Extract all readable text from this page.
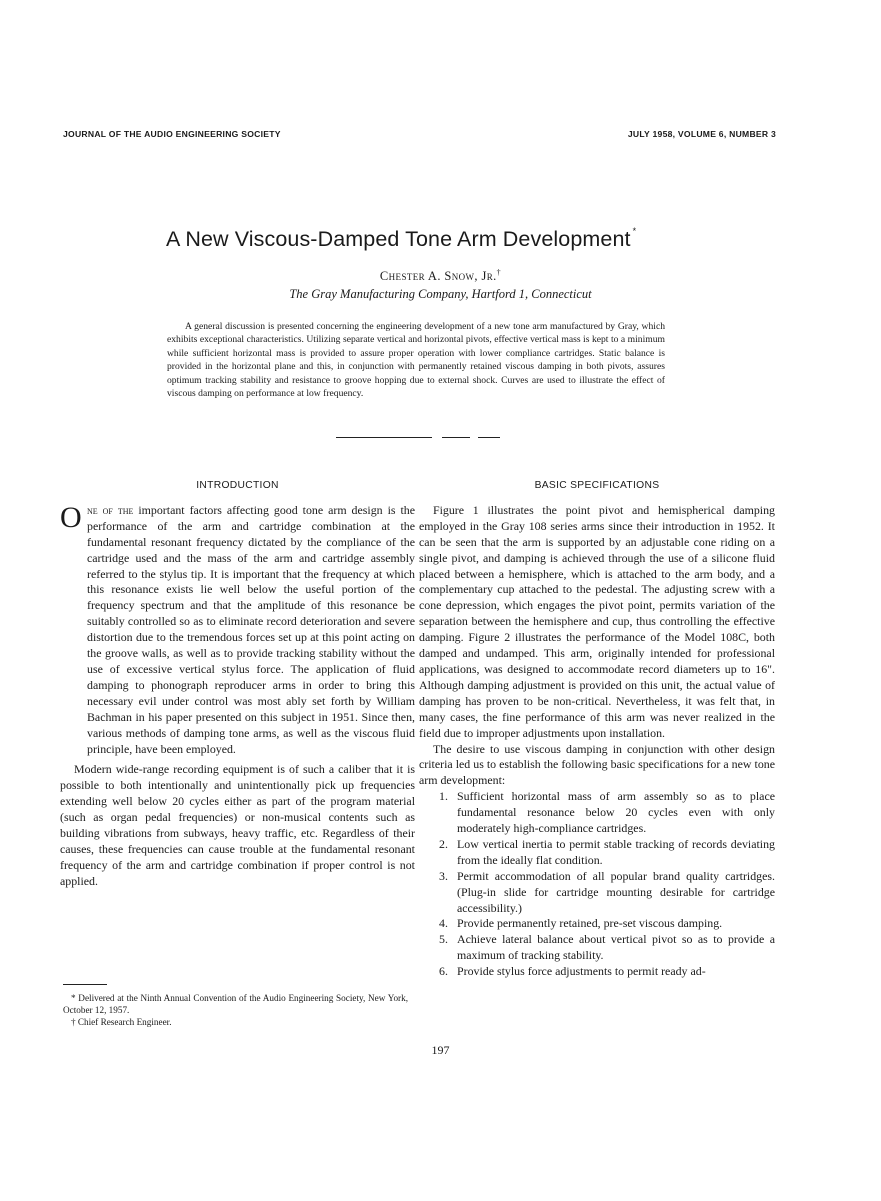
JOURNAL OF THE AUDIO ENGINEERING SOCIETY	JULY 1958, VOLUME 6, NUMBER 3
A New Viscous-Damped Tone Arm Development *
Chester A. Snow, Jr.†
The Gray Manufacturing Company, Hartford 1, Connecticut

A general discussion is presented concerning the engineering development of a new tone arm manufactured by Gray, which exhibits exceptional characteristics. Utilizing separate vertical and horizontal pivots, effective vertical mass is kept to a minimum while sufficient horizontal mass is provided to assure proper operation with lower compliance cartridges. Static balance is provided in the horizontal plane and this, in conjunction with permanently retained viscous damping in both pivots, assures optimum tracking stability and resistance to groove hopping due to external shock. Curves are used to illustrate the effect of viscous damping on performance at low frequency.

INTRODUCTION

O ne of the important factors affecting good tone arm design is the performance of the arm and cartridge combination at the fundamental resonant frequency dictated by the compliance of the cartridge used and the mass of the arm and cartridge assembly referred to the stylus tip. It is important that the frequency at which this resonance exists lie well below the useful portion of the frequency spectrum and that the amplitude of this resonance be suitably controlled so as to eliminate record deterioration and severe distortion due to the tremendous forces set up at this point acting on the groove walls, as well as to provide tracking stability without the use of excessive vertical stylus force. The application of fluid damping to phonograph reproducer arms in order to bring this necessary evil under control was most ably set forth by William Bachman in his paper presented on this subject in 1951. Since then, various methods of damping tone arms, as well as the viscous fluid principle, have been employed.

Modern wide-range recording equipment is of such a caliber that it is possible to both intentionally and unintentionally pick up frequencies extending well below 20 cycles either as part of the program material (such as organ pedal frequencies) or non-musical contents such as building vibrations from subways, heavy traffic, etc. Regardless of their causes, these frequencies can cause trouble at the fundamental resonant frequency of the arm and cartridge combination if proper control is not applied.

BASIC SPECIFICATIONS

Figure 1 illustrates the point pivot and hemispherical damping employed in the Gray 108 series arms since their introduction in 1952. It can be seen that the arm is supported by an adjustable cone riding on a single pivot, and damping is achieved through the use of a silicone fluid placed between a hemisphere, which is attached to the arm body, and a complementary cup attached to the pedestal. The adjusting screw with a cone depression, which engages the pivot point, permits variation of the separation between the hemisphere and cup, thus controlling the effective damping. Figure 2 illustrates the performance of the Model 108C, both damped and undamped. This arm, originally intended for professional applications, was designed to accommodate record diameters up to 16". Although damping adjustment is provided on this unit, the actual value of damping has proven to be non-critical. Nevertheless, it was felt that, in many cases, the fine performance of this arm was never realized in the field due to improper adjustments upon installation.

The desire to use viscous damping in conjunction with other design criteria led us to establish the following basic specifications for a new tone arm development:

1. Sufficient horizontal mass of arm assembly so as to place fundamental resonance below 20 cycles even with only moderately high-compliance cartridges.
2. Low vertical inertia to permit stable tracking of records deviating from the ideally flat condition.
3. Permit accommodation of all popular brand quality cartridges. (Plug-in slide for cartridge mounting desirable for cartridge accessibility.)
4. Provide permanently retained, pre-set viscous damping.
5. Achieve lateral balance about vertical pivot so as to provide a maximum of tracking stability.
6. Provide stylus force adjustments to permit ready ad-

* Delivered at the Ninth Annual Convention of the Audio Engineering Society, New York, October 12, 1957.

† Chief Research Engineer.

197
